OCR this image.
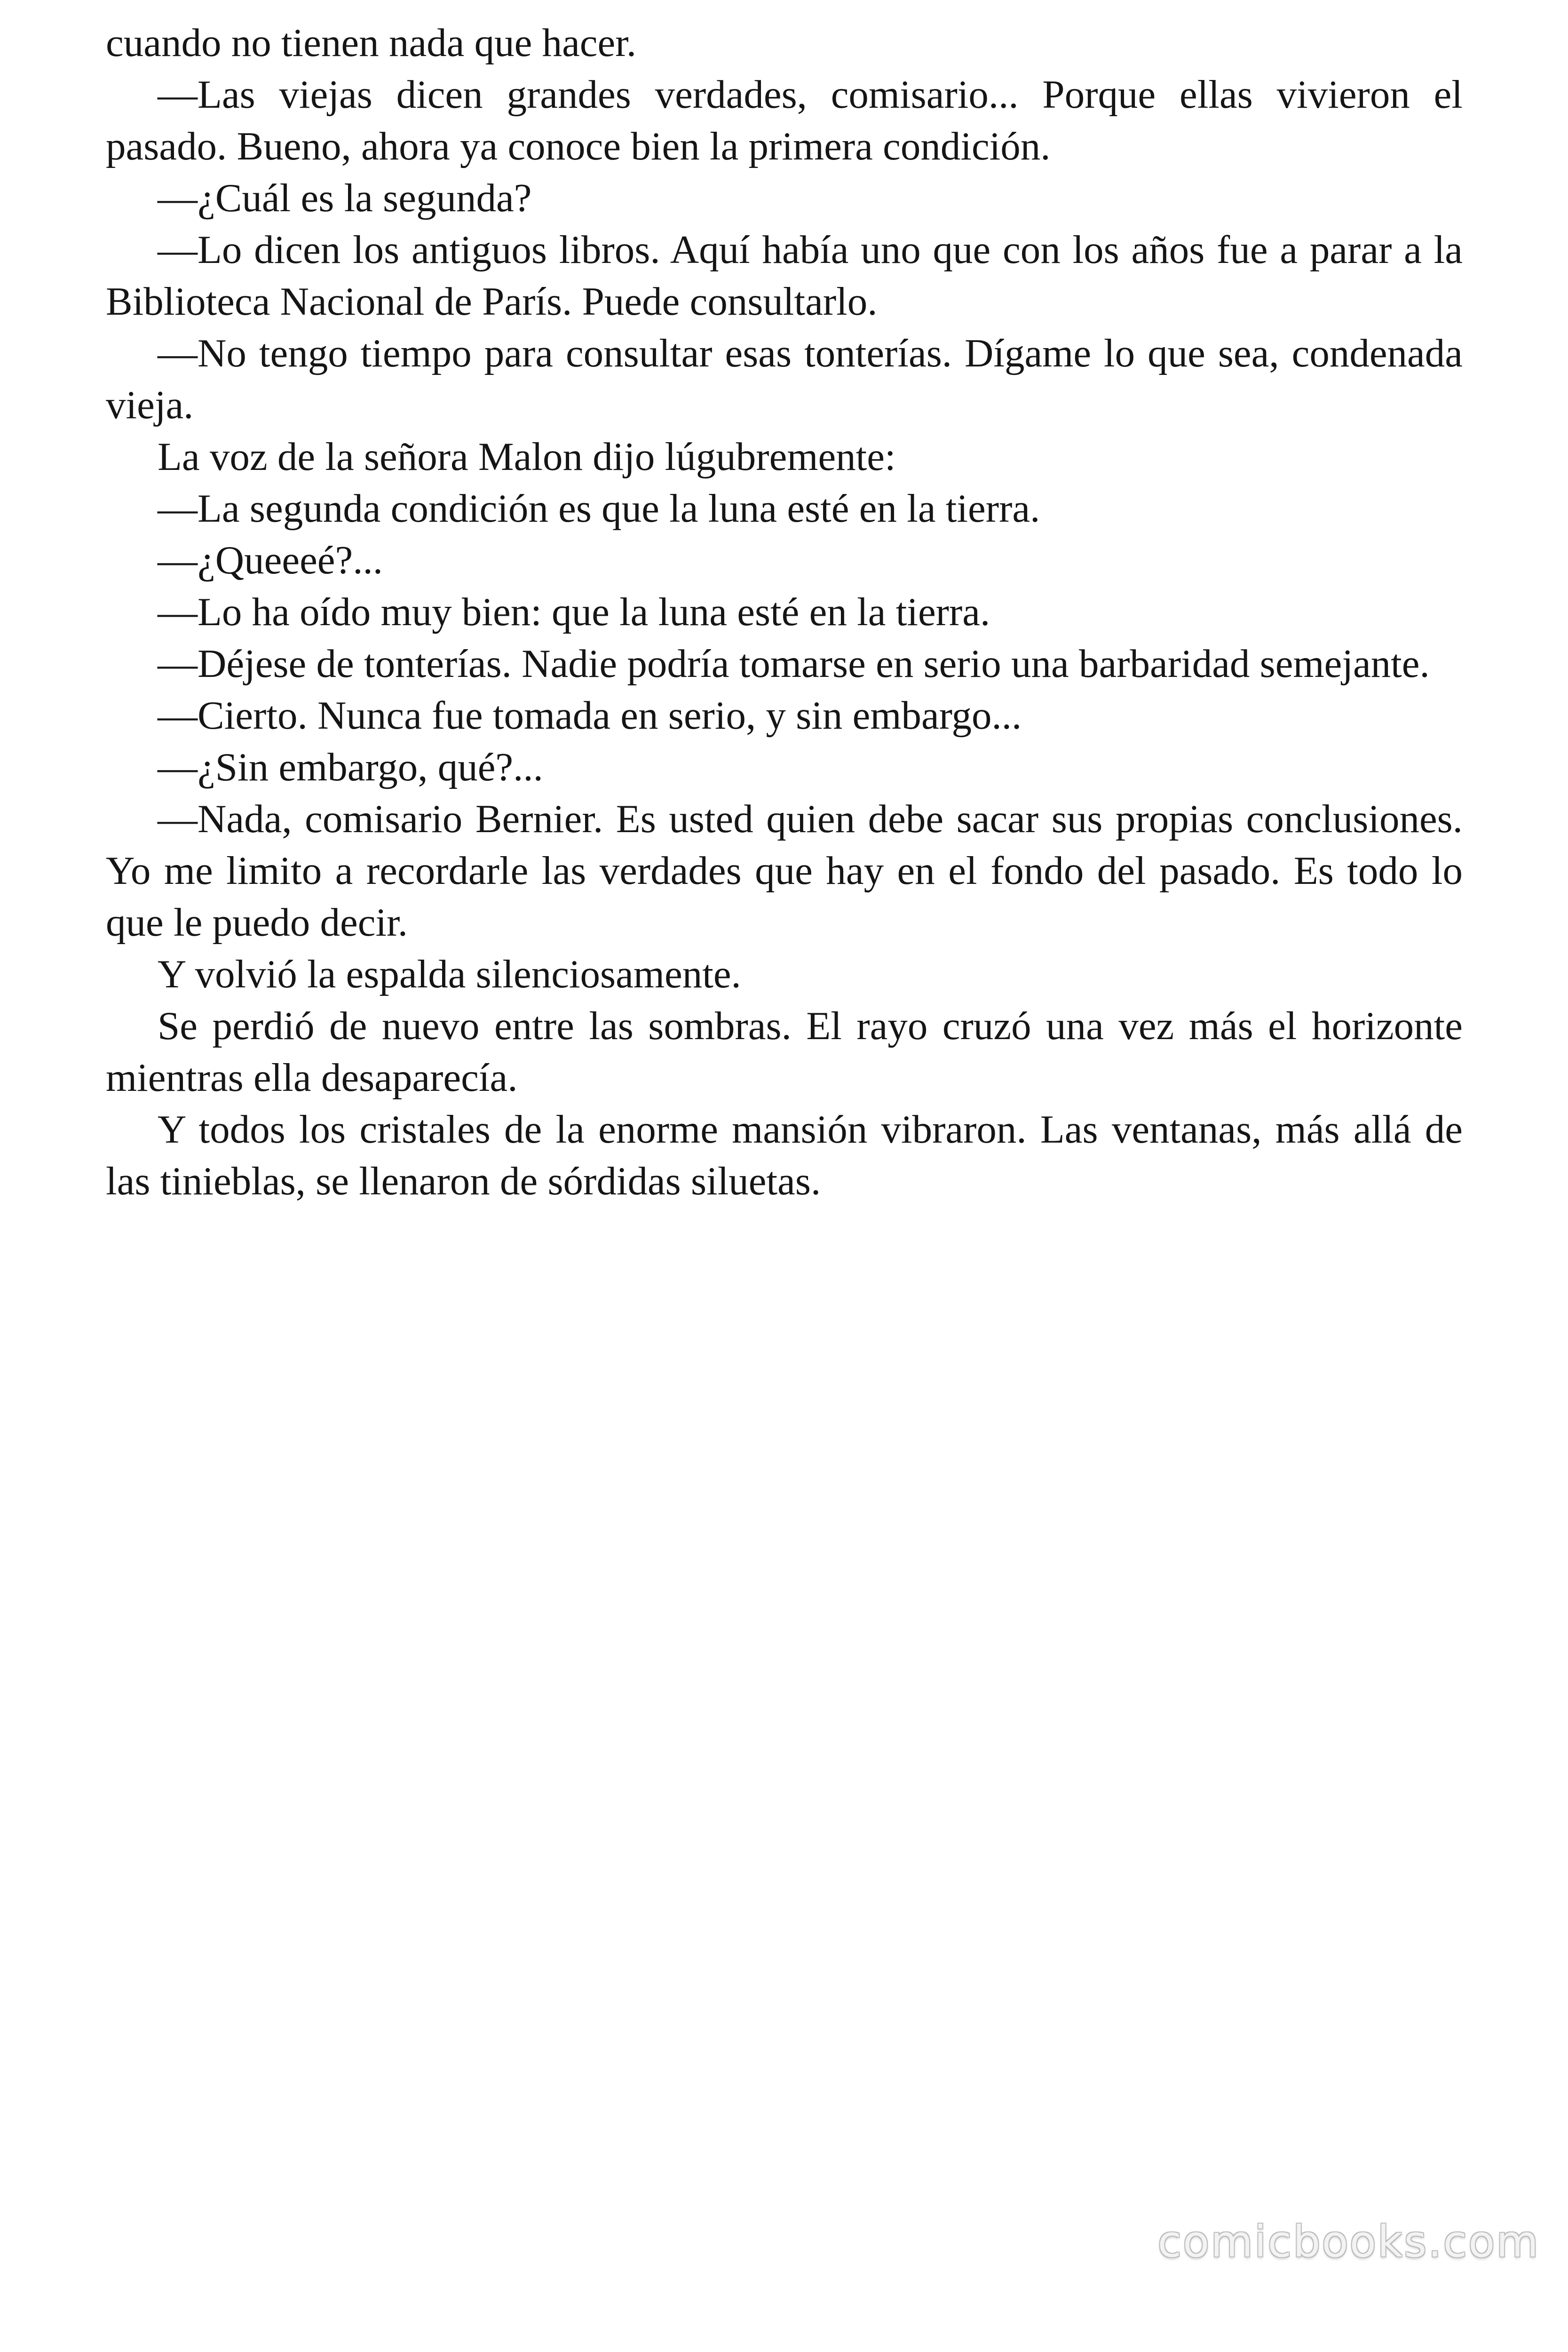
cuando no tienen nada que hacer.

—Las viejas dicen grandes verdades, comisario... Porque ellas vivieron el pasado. Bueno, ahora ya conoce bien la primera condición.

—¿Cuál es la segunda?

—Lo dicen los antiguos libros. Aquí había uno que con los años fue a parar a la Biblioteca Nacional de París. Puede consultarlo.

—No tengo tiempo para consultar esas tonterías. Dígame lo que sea, condenada vieja.

La voz de la señora Malon dijo lúgubremente:

—La segunda condición es que la luna esté en la tierra.

—¿Queeeé?...

—Lo ha oído muy bien: que la luna esté en la tierra.

—Déjese de tonterías. Nadie podría tomarse en serio una barbaridad semejante.

—Cierto. Nunca fue tomada en serio, y sin embargo...

—¿Sin embargo, qué?...

—Nada, comisario Bernier. Es usted quien debe sacar sus propias conclusiones. Yo me limito a recordarle las verdades que hay en el fondo del pasado. Es todo lo que le puedo decir.

Y volvió la espalda silenciosamente.

Se perdió de nuevo entre las sombras. El rayo cruzó una vez más el horizonte mientras ella desaparecía.

Y todos los cristales de la enorme mansión vibraron. Las ventanas, más allá de las tinieblas, se llenaron de sórdidas siluetas.

comicbooks.com
